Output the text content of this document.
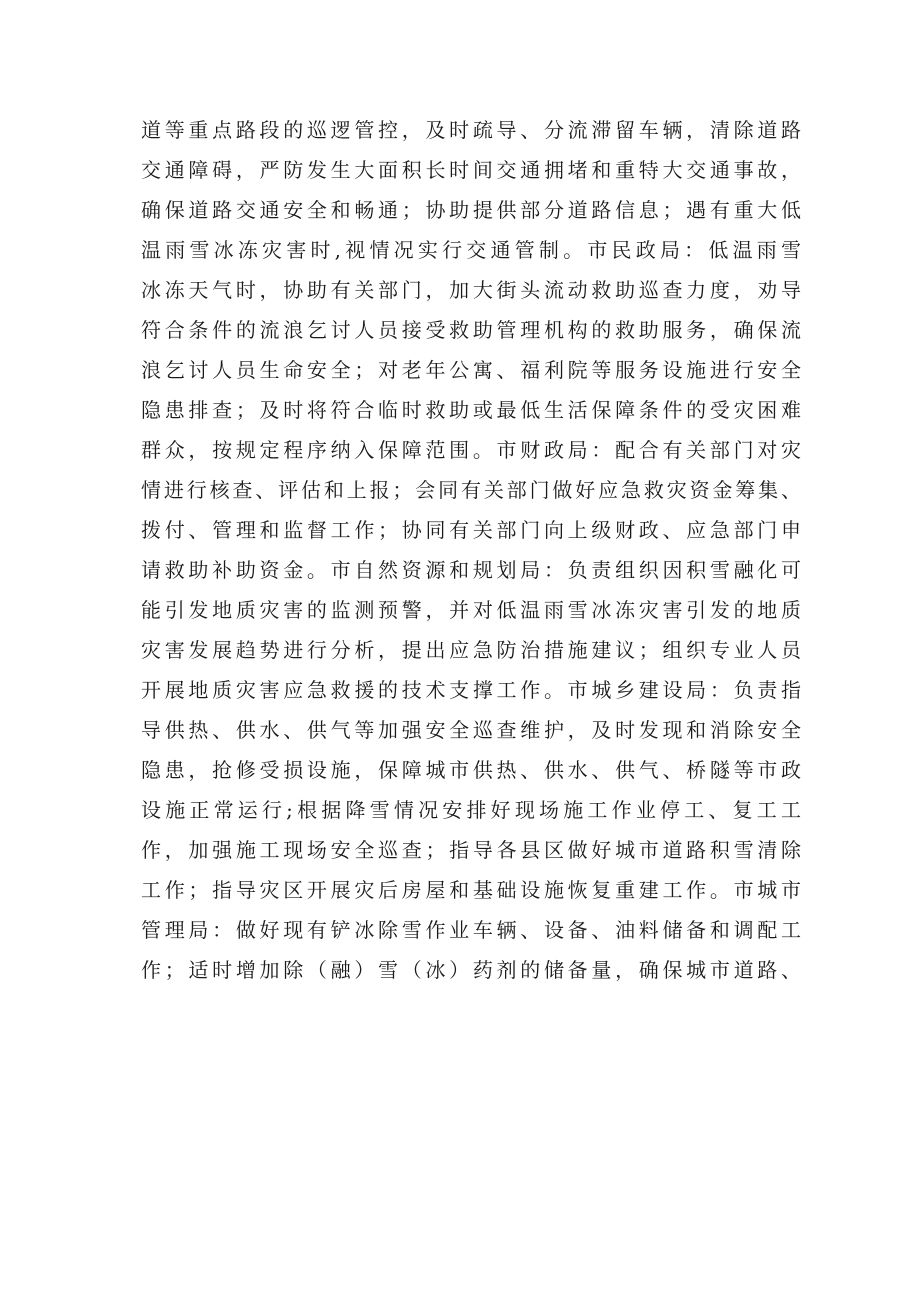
道等重点路段的巡逻管控，及时疏导、分流滞留车辆，清除道路
交通障碍，严防发生大面积长时间交通拥堵和重特大交通事故，
确保道路交通安全和畅通；协助提供部分道路信息；遇有重大低
温雨雪冰冻灾害时,视情况实行交通管制。市民政局：低温雨雪
冰冻天气时，协助有关部门，加大街头流动救助巡查力度，劝导
符合条件的流浪乞讨人员接受救助管理机构的救助服务，确保流
浪乞讨人员生命安全；对老年公寓、福利院等服务设施进行安全
隐患排查；及时将符合临时救助或最低生活保障条件的受灾困难
群众，按规定程序纳入保障范围。市财政局：配合有关部门对灾
情进行核查、评估和上报；会同有关部门做好应急救灾资金筹集、
拨付、管理和监督工作；协同有关部门向上级财政、应急部门申
请救助补助资金。市自然资源和规划局：负责组织因积雪融化可
能引发地质灾害的监测预警，并对低温雨雪冰冻灾害引发的地质
灾害发展趋势进行分析，提出应急防治措施建议；组织专业人员
开展地质灾害应急救援的技术支撑工作。市城乡建设局：负责指
导供热、供水、供气等加强安全巡查维护，及时发现和消除安全
隐患，抢修受损设施，保障城市供热、供水、供气、桥隧等市政
设施正常运行;根据降雪情况安排好现场施工作业停工、复工工
作，加强施工现场安全巡查；指导各县区做好城市道路积雪清除
工作；指导灾区开展灾后房屋和基础设施恢复重建工作。市城市
管理局：做好现有铲冰除雪作业车辆、设备、油料储备和调配工
作；适时增加除（融）雪（冰）药剂的储备量，确保城市道路、
